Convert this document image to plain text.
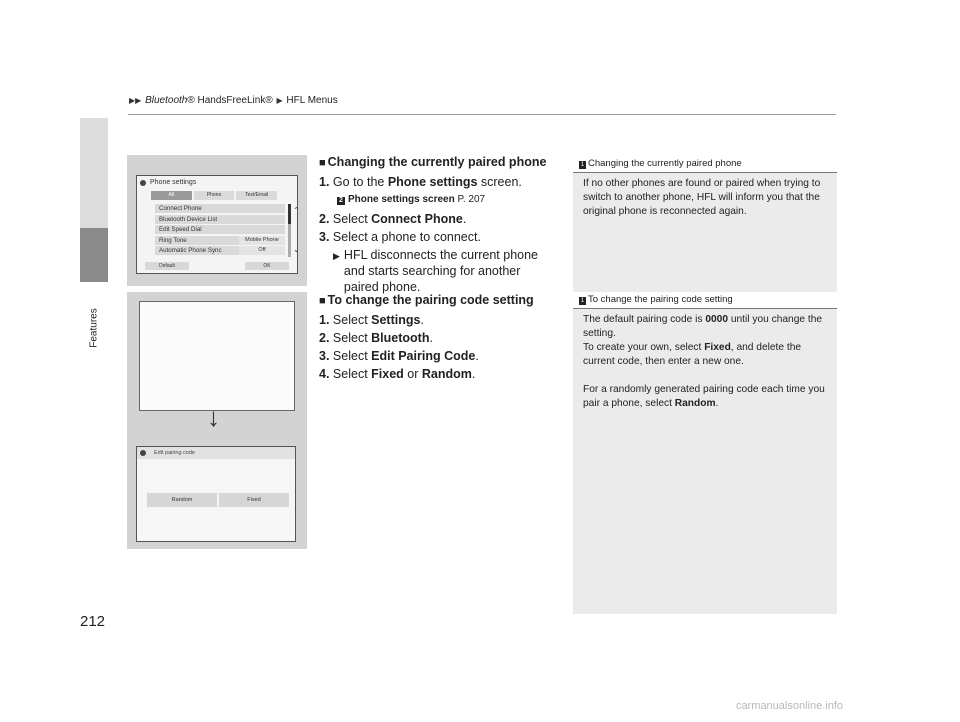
▶▶ Bluetooth® HandsFreeLink® ▶ HFL Menus
Features
212
Phone settings
All	Phone	Text/Email
Connect Phone
Bluetooth Device List
Edit Speed Dial
Ring Tone	Mobile Phone
Automatic Phone Sync	Off
⌃
⌄
Default	OK
↓
Edit pairing code
Random	Fixed
■ Changing the currently paired phone
1. Go to the Phone settings screen.
2 Phone settings screen P. 207
2. Select Connect Phone.
3. Select a phone to connect.
▶ HFL disconnects the current phone and starts searching for another paired phone.
■ To change the pairing code setting
1. Select Settings.
2. Select Bluetooth.
3. Select Edit Pairing Code.
4. Select Fixed or Random.
1 Changing the currently paired phone

If no other phones are found or paired when trying to switch to another phone, HFL will inform you that the original phone is reconnected again.

1 To change the pairing code setting

The default pairing code is 0000 until you change the setting.

To create your own, select Fixed, and delete the current code, then enter a new one.

For a randomly generated pairing code each time you pair a phone, select Random.

carmanualsonline.info
